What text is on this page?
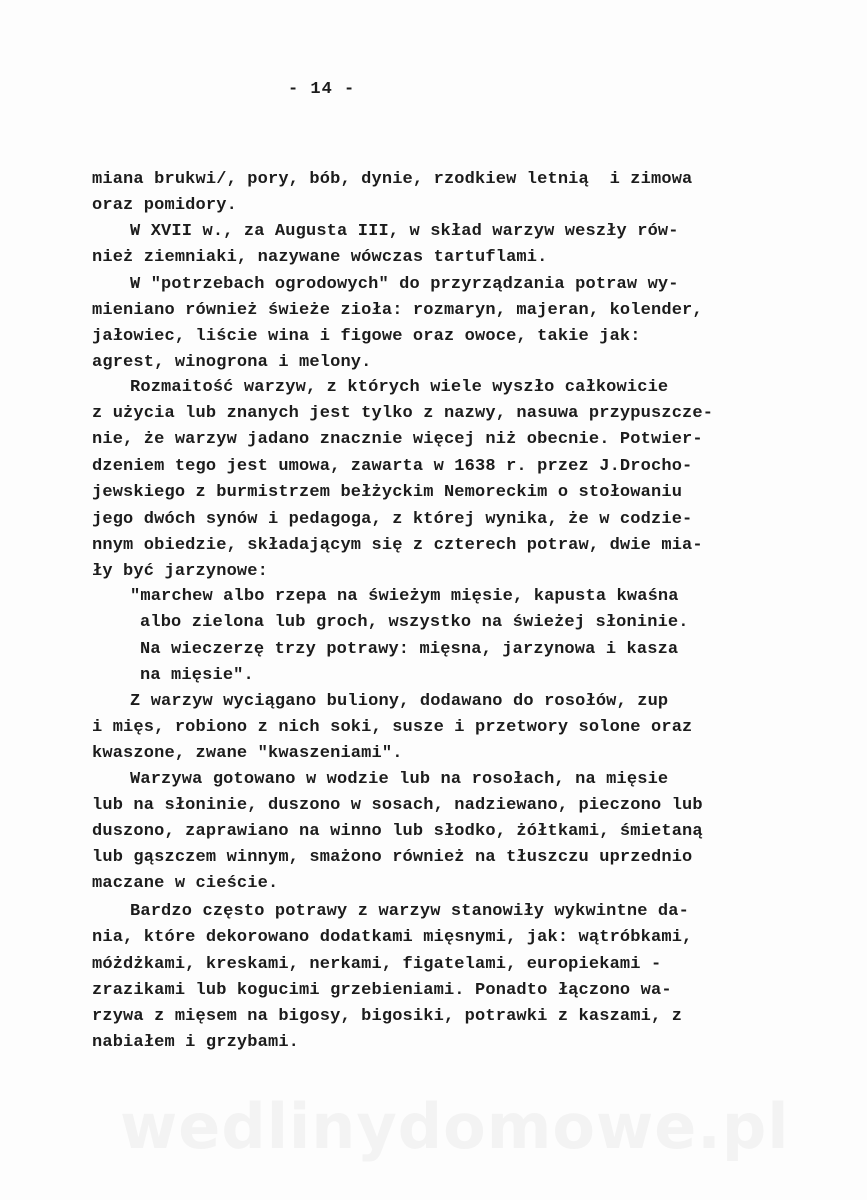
- 14 -
miana brukwi/, pory, bób, dynie, rzodkiew letnią  i zimowa
oraz pomidory.
W XVII w., za Augusta III, w skład warzyw weszły rów-
nież ziemniaki, nazywane wówczas tartuflami.
W "potrzebach ogrodowych" do przyrządzania potraw wy-
mieniano również świeże zioła: rozmaryn, majeran, kolender,
jałowiec, liście wina i figowe oraz owoce, takie jak:
agrest, winogrona i melony.
Rozmaitość warzyw, z których wiele wyszło całkowicie
z użycia lub znanych jest tylko z nazwy, nasuwa przypuszcze-
nie, że warzyw jadano znacznie więcej niż obecnie. Potwier-
dzeniem tego jest umowa, zawarta w 1638 r. przez J.Drocho-
jewskiego z burmistrzem bełżyckim Nemoreckim o stołowaniu
jego dwóch synów i pedagoga, z której wynika, że w codzie-
nnym obiedzie, składającym się z czterech potraw, dwie mia-
ły być jarzynowe:
"marchew albo rzepa na świeżym mięsie, kapusta kwaśna
albo zielona lub groch, wszystko na świeżej słoninie.
Na wieczerzę trzy potrawy: mięsna, jarzynowa i kasza
na mięsie".
Z warzyw wyciągano buliony, dodawano do rosołów, zup
i mięs, robiono z nich soki, susze i przetwory solone oraz
kwaszone, zwane "kwaszeniami".
Warzywa gotowano w wodzie lub na rosołach, na mięsie
lub na słoninie, duszono w sosach, nadziewano, pieczono lub
duszono, zaprawiano na winno lub słodko, żółtkami, śmietaną
lub gąszczem winnym, smażono również na tłuszczu uprzednio
maczane w cieście.
Bardzo często potrawy z warzyw stanowiły wykwintne da-
nia, które dekorowano dodatkami mięsnymi, jak: wątróbkami,
móżdżkami, kreskami, nerkami, figatelami, europiekami -
zrazikami lub kogucimi grzebieniami. Ponadto łączono wa-
rzywa z mięsem na bigosy, bigosiki, potrawki z kaszami, z
nabiałem i grzybami.
wedlinydomowe.pl
